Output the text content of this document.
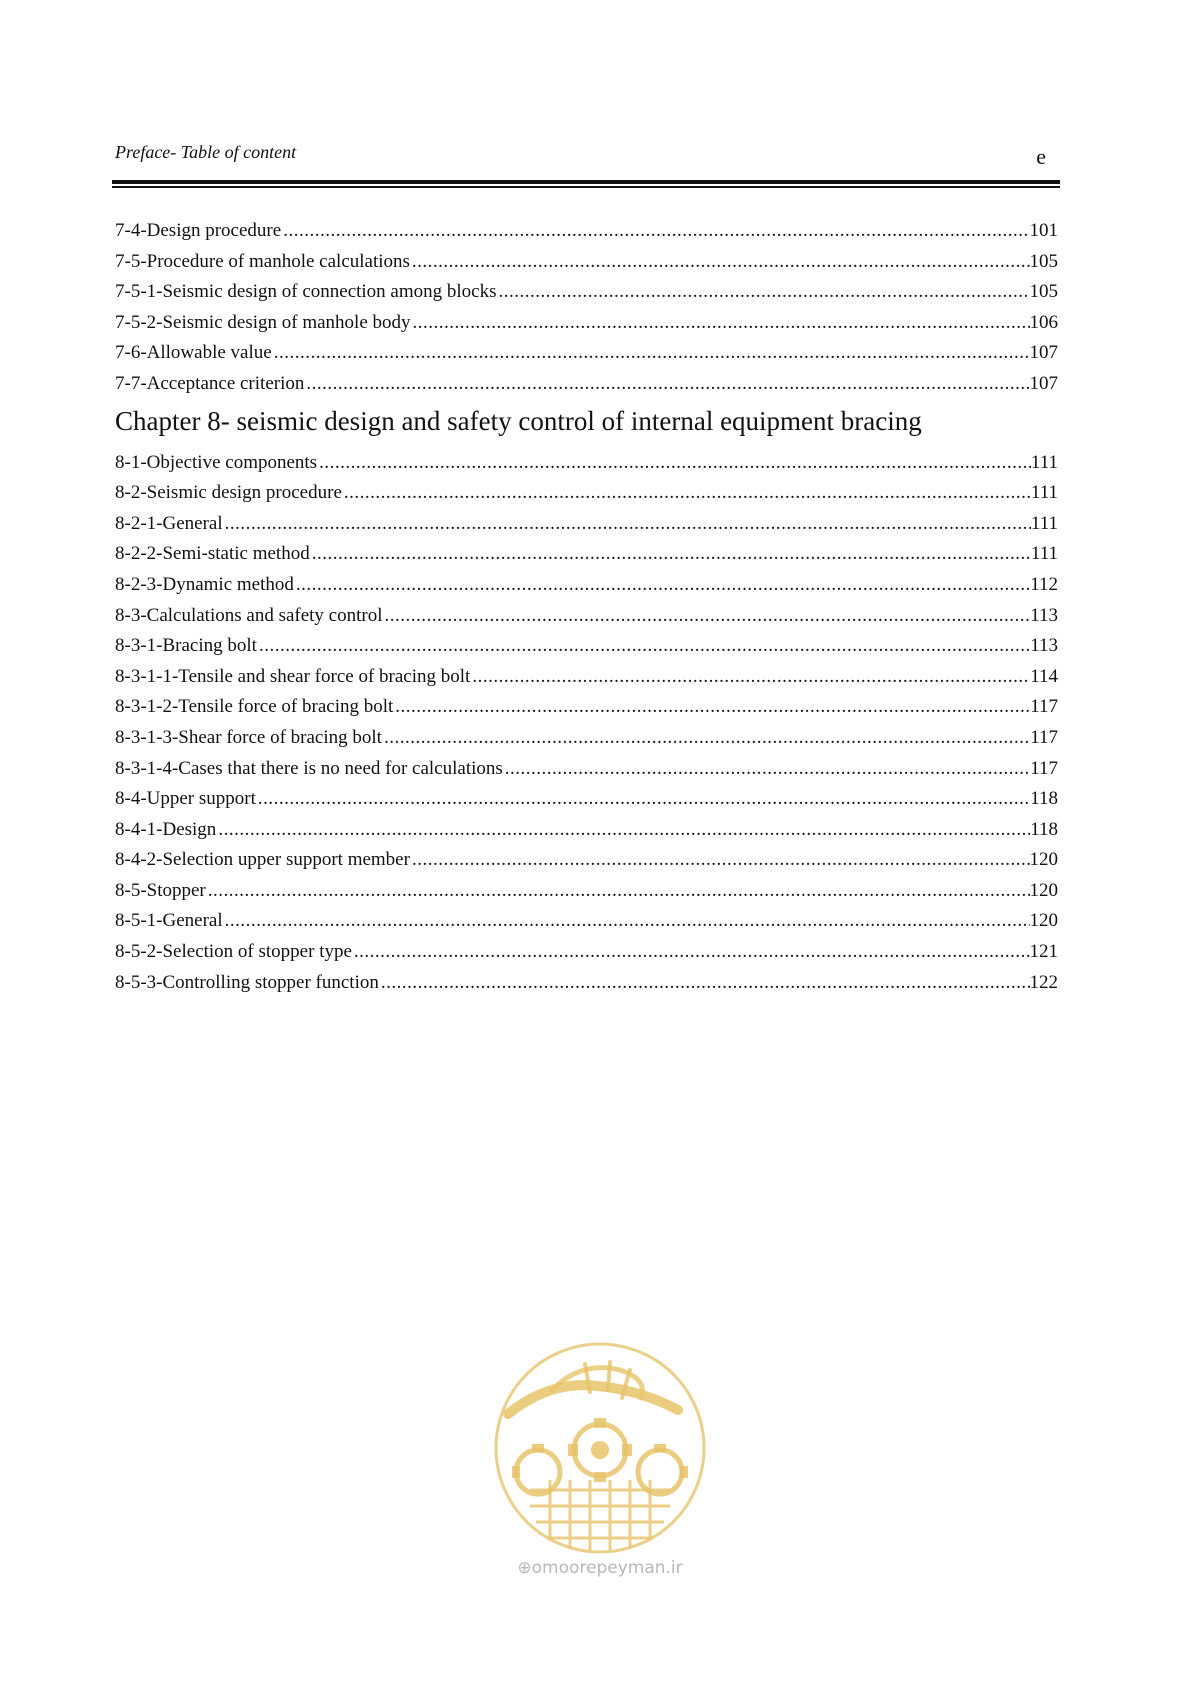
Preface- Table of content	e
7-4-Design procedure .....	101
7-5-Procedure of manhole calculations .....	105
7-5-1-Seismic design of connection among blocks .....	105
7-5-2-Seismic design of manhole body .....	106
7-6-Allowable value .....	107
7-7-Acceptance criterion .....	107
Chapter 8- seismic design and safety control of internal equipment bracing
8-1-Objective components .....	111
8-2-Seismic design procedure .....	111
8-2-1-General .....	111
8-2-2-Semi-static method .....	111
8-2-3-Dynamic method .....	112
8-3-Calculations and safety control .....	113
8-3-1-Bracing bolt .....	113
8-3-1-1-Tensile and shear force of bracing bolt .....	114
8-3-1-2-Tensile force of bracing bolt .....	117
8-3-1-3-Shear force of bracing bolt .....	117
8-3-1-4-Cases that there is no need for calculations .....	117
8-4-Upper support .....	118
8-4-1-Design .....	118
8-4-2-Selection upper support member .....	120
8-5-Stopper .....	120
8-5-1-General .....	120
8-5-2-Selection of stopper type .....	121
8-5-3-Controlling stopper function .....	122
⊕omoorepeyman.ir
